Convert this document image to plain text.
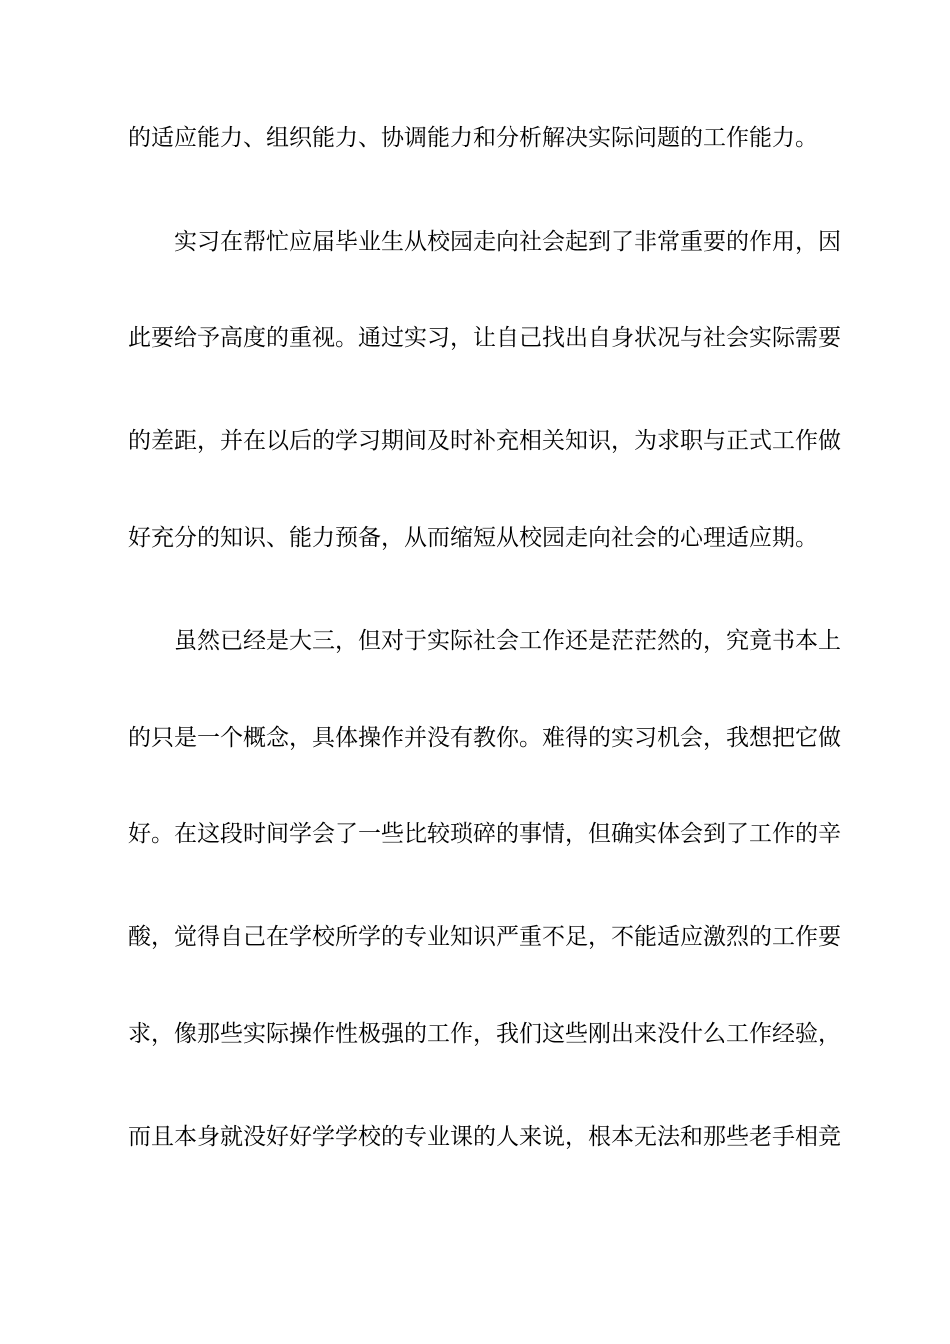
的适应能力、组织能力、协调能力和分析解决实际问题的工作能力。
实习在帮忙应届毕业生从校园走向社会起到了非常重要的作用，因
此要给予高度的重视。通过实习，让自己找出自身状况与社会实际需要
的差距，并在以后的学习期间及时补充相关知识，为求职与正式工作做
好充分的知识、能力预备，从而缩短从校园走向社会的心理适应期。
虽然已经是大三，但对于实际社会工作还是茫茫然的，究竟书本上
的只是一个概念，具体操作并没有教你。难得的实习机会，我想把它做
好。在这段时间学会了一些比较琐碎的事情，但确实体会到了工作的辛
酸，觉得自己在学校所学的专业知识严重不足，不能适应激烈的工作要
求，像那些实际操作性极强的工作，我们这些刚出来没什么工作经验，
而且本身就没好好学学校的专业课的人来说，根本无法和那些老手相竞
